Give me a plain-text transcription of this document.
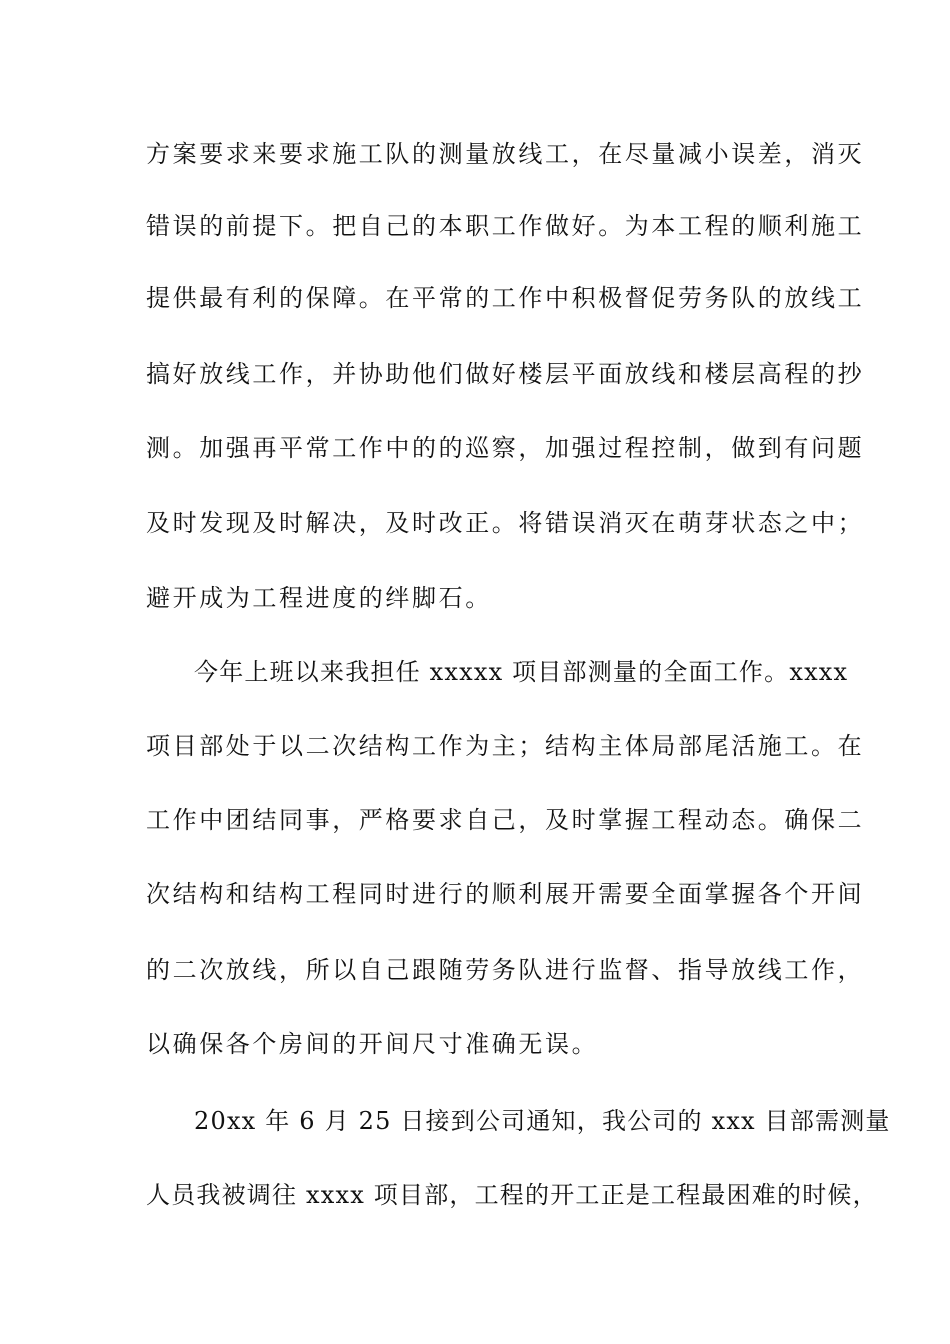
方案要求来要求施工队的测量放线工，在尽量减小误差，消灭
错误的前提下。把自己的本职工作做好。为本工程的顺利施工
提供最有利的保障。在平常的工作中积极督促劳务队的放线工
搞好放线工作，并协助他们做好楼层平面放线和楼层高程的抄
测。加强再平常工作中的的巡察，加强过程控制，做到有问题
及时发现及时解决，及时改正。将错误消灭在萌芽状态之中；
避开成为工程进度的绊脚石。
今年上班以来我担任 xxxxx 项目部测量的全面工作。xxxx
项目部处于以二次结构工作为主；结构主体局部尾活施工。在
工作中团结同事，严格要求自己，及时掌握工程动态。确保二
次结构和结构工程同时进行的顺利展开需要全面掌握各个开间
的二次放线，所以自己跟随劳务队进行监督、指导放线工作，
以确保各个房间的开间尺寸准确无误。
20xx 年 6 月 25 日接到公司通知，我公司的 xxx 目部需测量
人员我被调往 xxxx 项目部，工程的开工正是工程最困难的时候，
